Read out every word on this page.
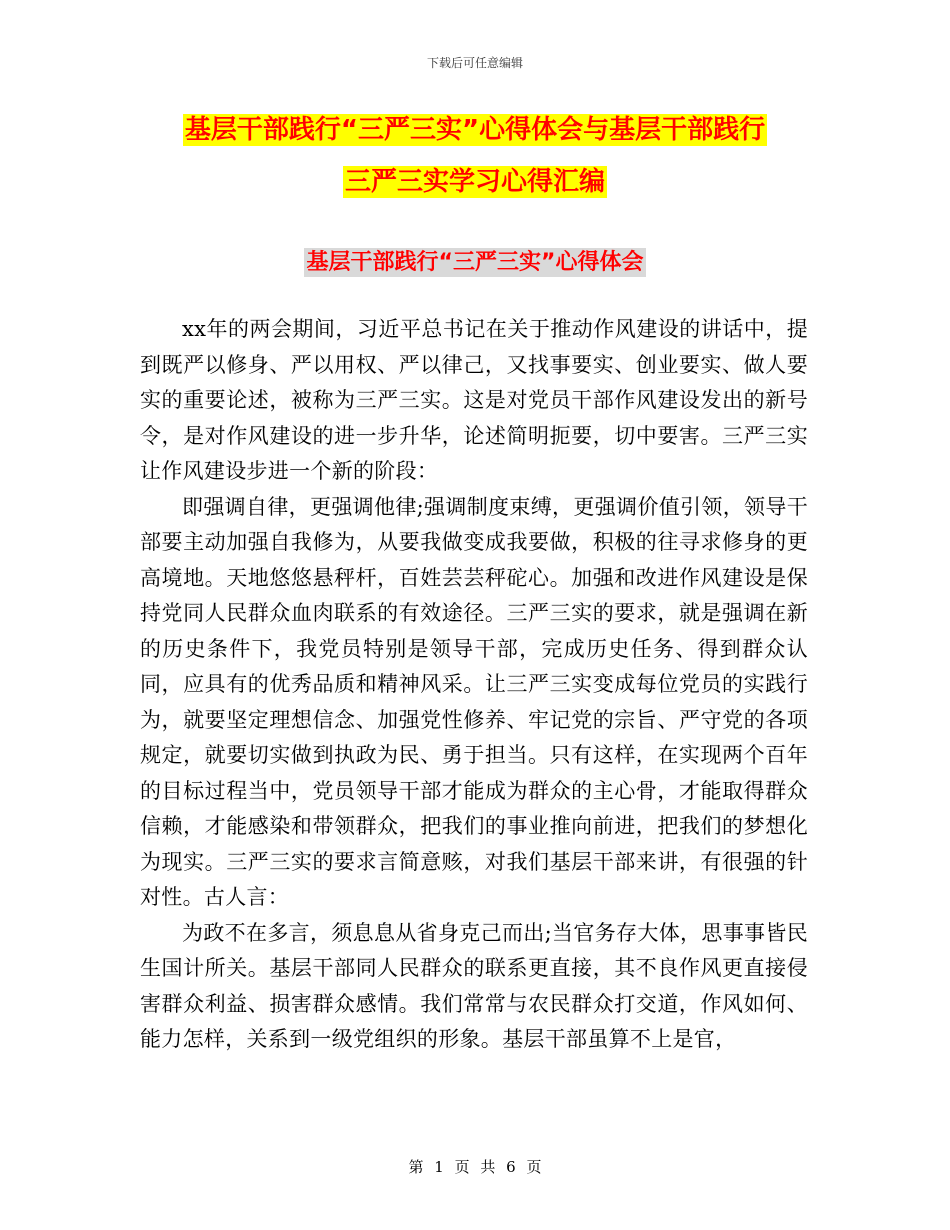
下载后可任意编辑
基层干部践行“三严三实”心得体会与基层干部践行
三严三实学习心得汇编
基层干部践行“三严三实”心得体会

xx年的两会期间，习近平总书记在关于推动作风建设的讲话中，提到既严以修身、严以用权、严以律己，又找事要实、创业要实、做人要实的重要论述，被称为三严三实。这是对党员干部作风建设发出的新号令，是对作风建设的进一步升华，论述简明扼要，切中要害。三严三实让作风建设步进一个新的阶段：

即强调自律，更强调他律;强调制度束缚，更强调价值引领，领导干部要主动加强自我修为，从要我做变成我要做，积极的往寻求修身的更高境地。天地悠悠悬秤杆，百姓芸芸秤砣心。加强和改进作风建设是保持党同人民群众血肉联系的有效途径。三严三实的要求，就是强调在新的历史条件下，我党员特别是领导干部，完成历史任务、得到群众认同，应具有的优秀品质和精神风采。让三严三实变成每位党员的实践行为，就要坚定理想信念、加强党性修养、牢记党的宗旨、严守党的各项规定，就要切实做到执政为民、勇于担当。只有这样，在实现两个百年的目标过程当中，党员领导干部才能成为群众的主心骨，才能取得群众信赖，才能感染和带领群众，把我们的事业推向前进，把我们的梦想化为现实。三严三实的要求言简意赅，对我们基层干部来讲，有很强的针对性。古人言：

为政不在多言，须息息从省身克己而出;当官务存大体，思事事皆民生国计所关。基层干部同人民群众的联系更直接，其不良作风更直接侵害群众利益、损害群众感情。我们常常与农民群众打交道，作风如何、能力怎样，关系到一级党组织的形象。基层干部虽算不上是官，

第 1 页 共 6 页
